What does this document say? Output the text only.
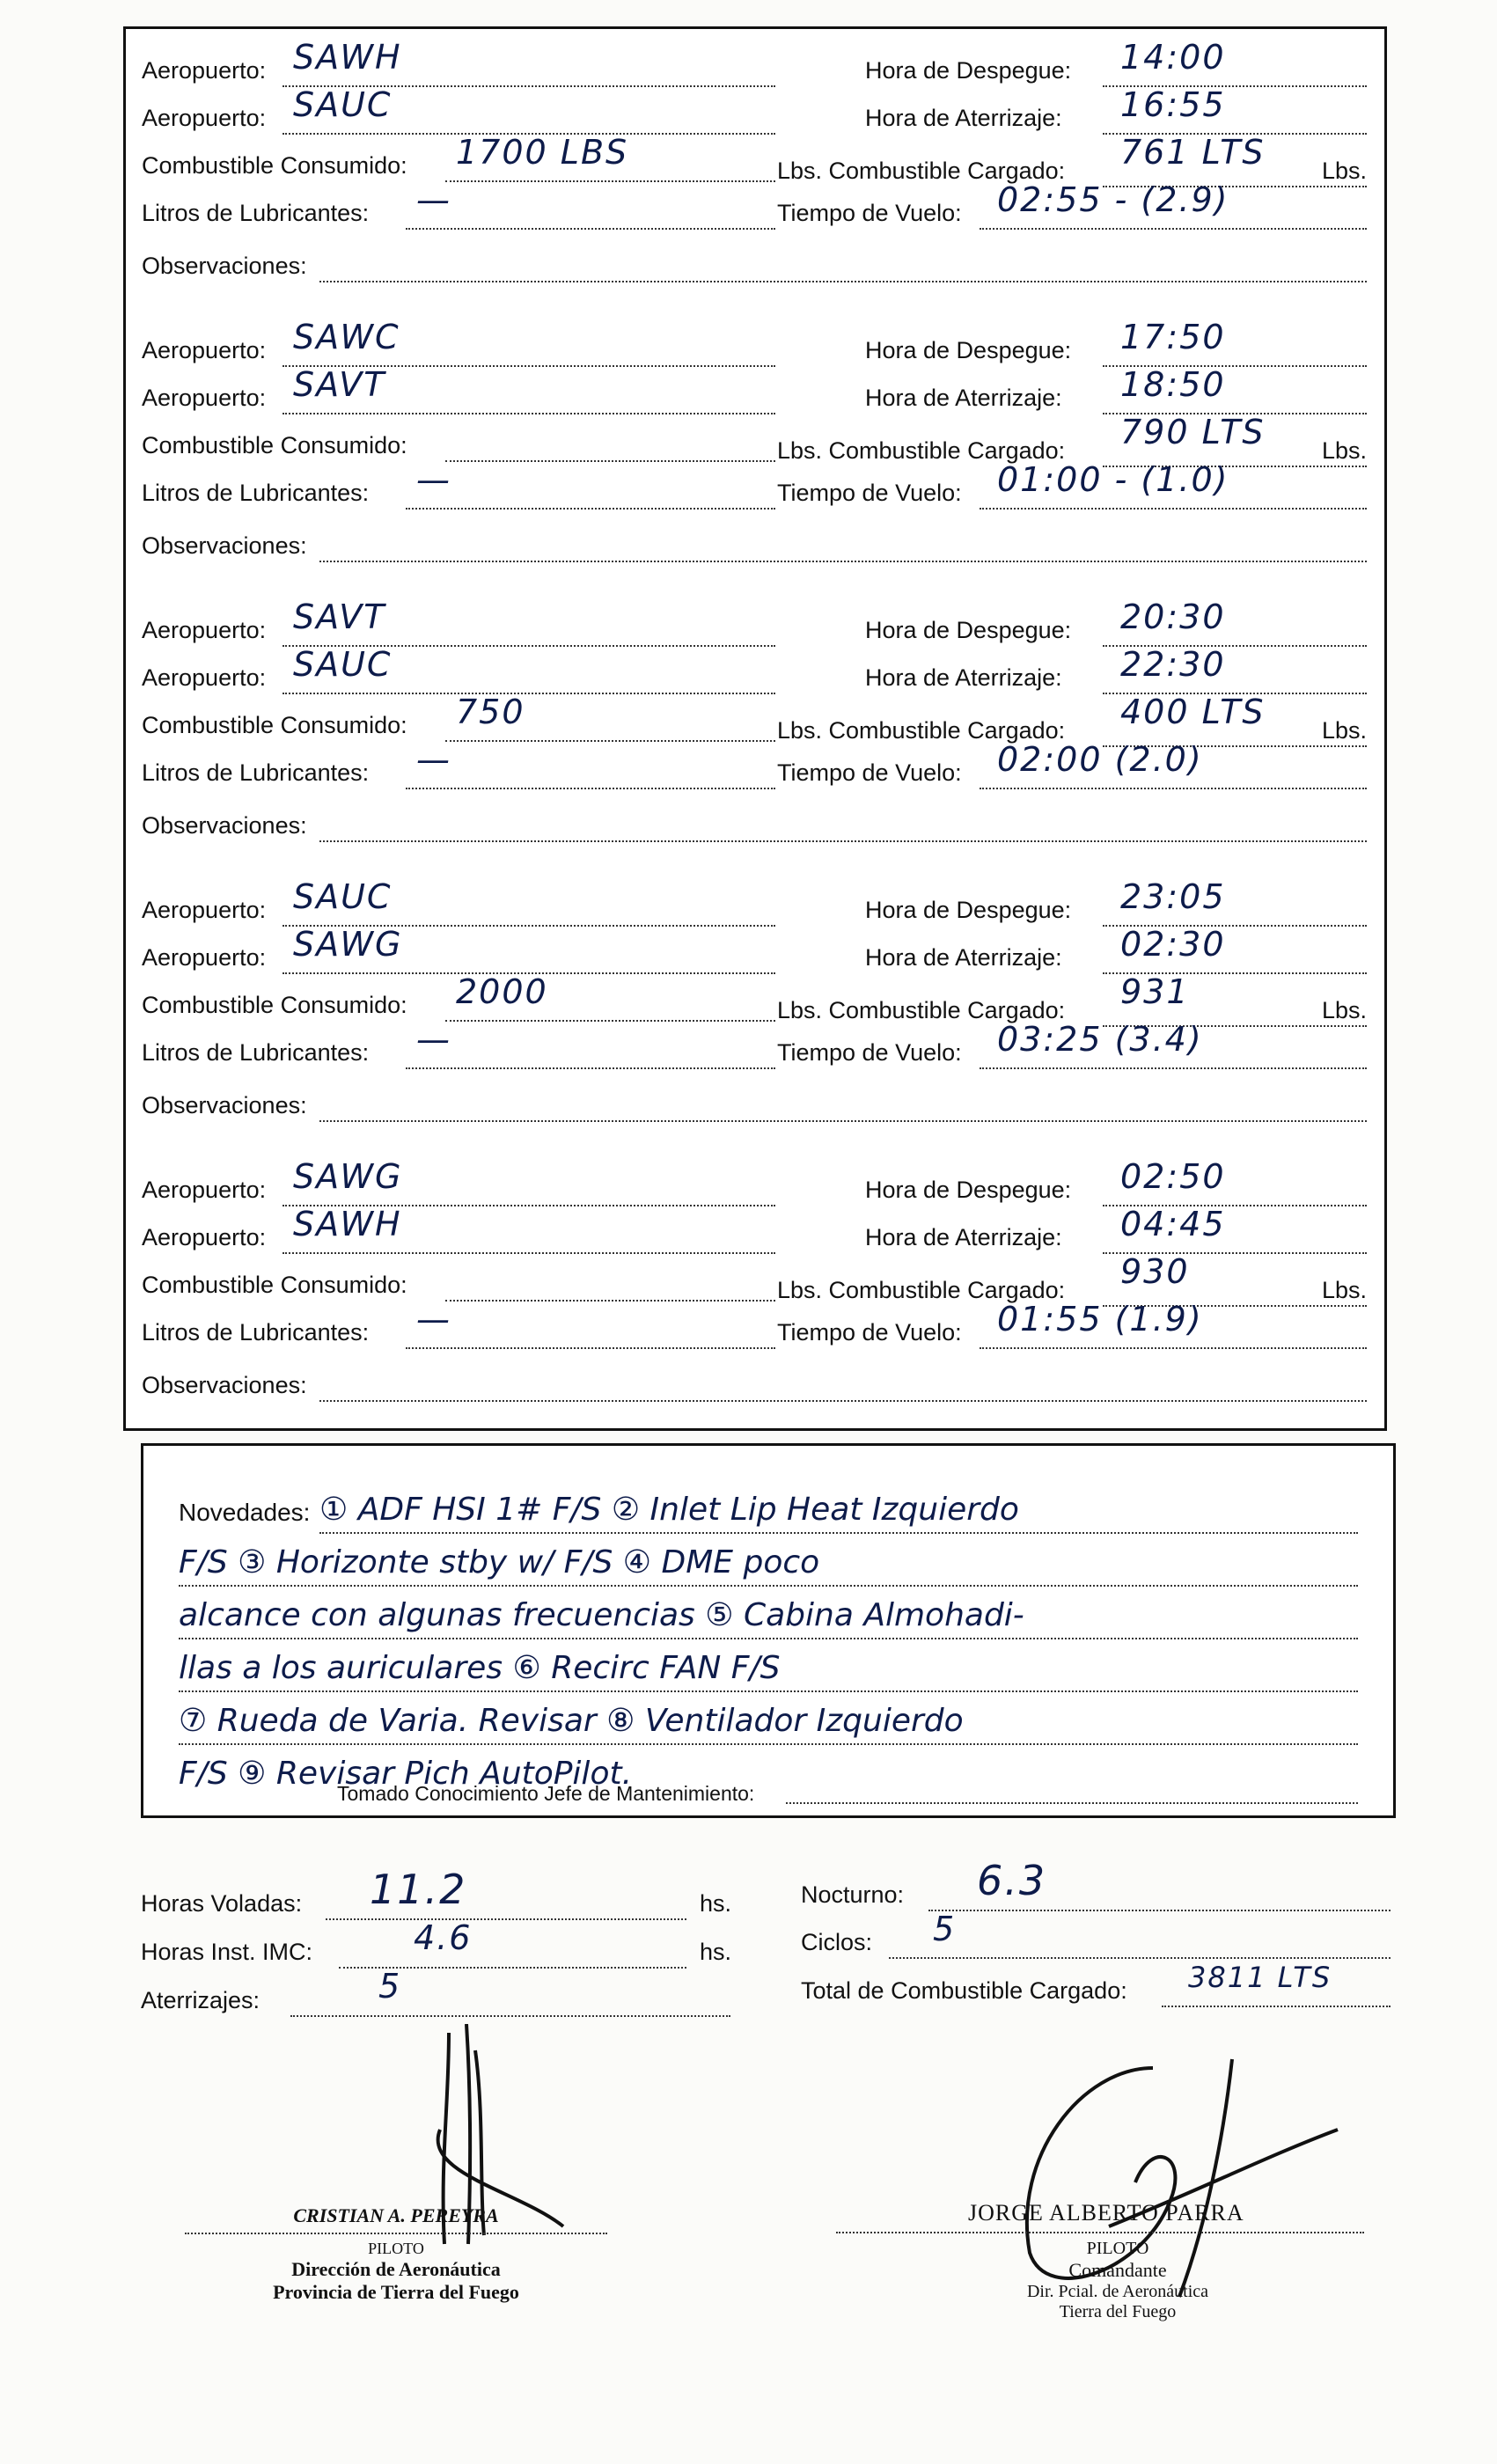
Aeropuerto: SAWH	Hora de Despegue: 14:00
Aeropuerto: SAUC	Hora de Aterrizaje: 16:55
Combustible Consumido: 1700 LBS	Lbs. Combustible Cargado: 761 LTS Lbs.
Litros de Lubricantes: —	Tiempo de Vuelo: 02:55 - (2.9)
Observaciones:
Aeropuerto: SAWC	Hora de Despegue: 17:50
Aeropuerto: SAVT	Hora de Aterrizaje: 18:50
Combustible Consumido:	Lbs. Combustible Cargado: 790 LTS Lbs.
Litros de Lubricantes: —	Tiempo de Vuelo: 01:00 - (1.0)
Observaciones:
Aeropuerto: SAVT	Hora de Despegue: 20:30
Aeropuerto: SAUC	Hora de Aterrizaje: 22:30
Combustible Consumido: 750	Lbs. Combustible Cargado: 400 LTS Lbs.
Litros de Lubricantes: —	Tiempo de Vuelo: 02:00 (2.0)
Observaciones:
Aeropuerto: SAUC	Hora de Despegue: 23:05
Aeropuerto: SAWG	Hora de Aterrizaje: 02:30
Combustible Consumido: 2000	Lbs. Combustible Cargado: 931	Lbs.
Litros de Lubricantes: —	Tiempo de Vuelo: 03:25 (3.4)
Observaciones:
Aeropuerto: SAWG	Hora de Despegue: 02:50
Aeropuerto: SAWH	Hora de Aterrizaje: 04:45
Combustible Consumido:	Lbs. Combustible Cargado: 930	Lbs.
Litros de Lubricantes: —	Tiempo de Vuelo: 01:55 (1.9)
Observaciones:
Novedades: ① ADF HSI 1# F/S ② Inlet Lip Heat Izquierdo
F/S ③ Horizonte stby w/ F/S ④ DME poco
alcance con algunas frecuencias ⑤ Cabina Almohadi-
llas a los auriculares ⑥ Recirc FAN F/S
⑦ Rueda de Varia. Revisar ⑧ Ventilador Izquierdo
F/S ⑨ Revisar Pich AutoPilot.
Tomado Conocimiento Jefe de Mantenimiento:
Horas Voladas: 11.2	hs.
Horas Inst. IMC:	4.6	hs.
Aterrizajes:	5
Nocturno: 6.3
Ciclos: 5
Total de Combustible Cargado: 3811 LTS
CRISTIAN A. PEREYRA
PILOTO
Dirección de Aeronáutica
Provincia de Tierra del Fuego
JORGE ALBERTO PARRA
PILOTO
Comandante
Dir. Pcial. de Aeronáutica
Tierra del Fuego
